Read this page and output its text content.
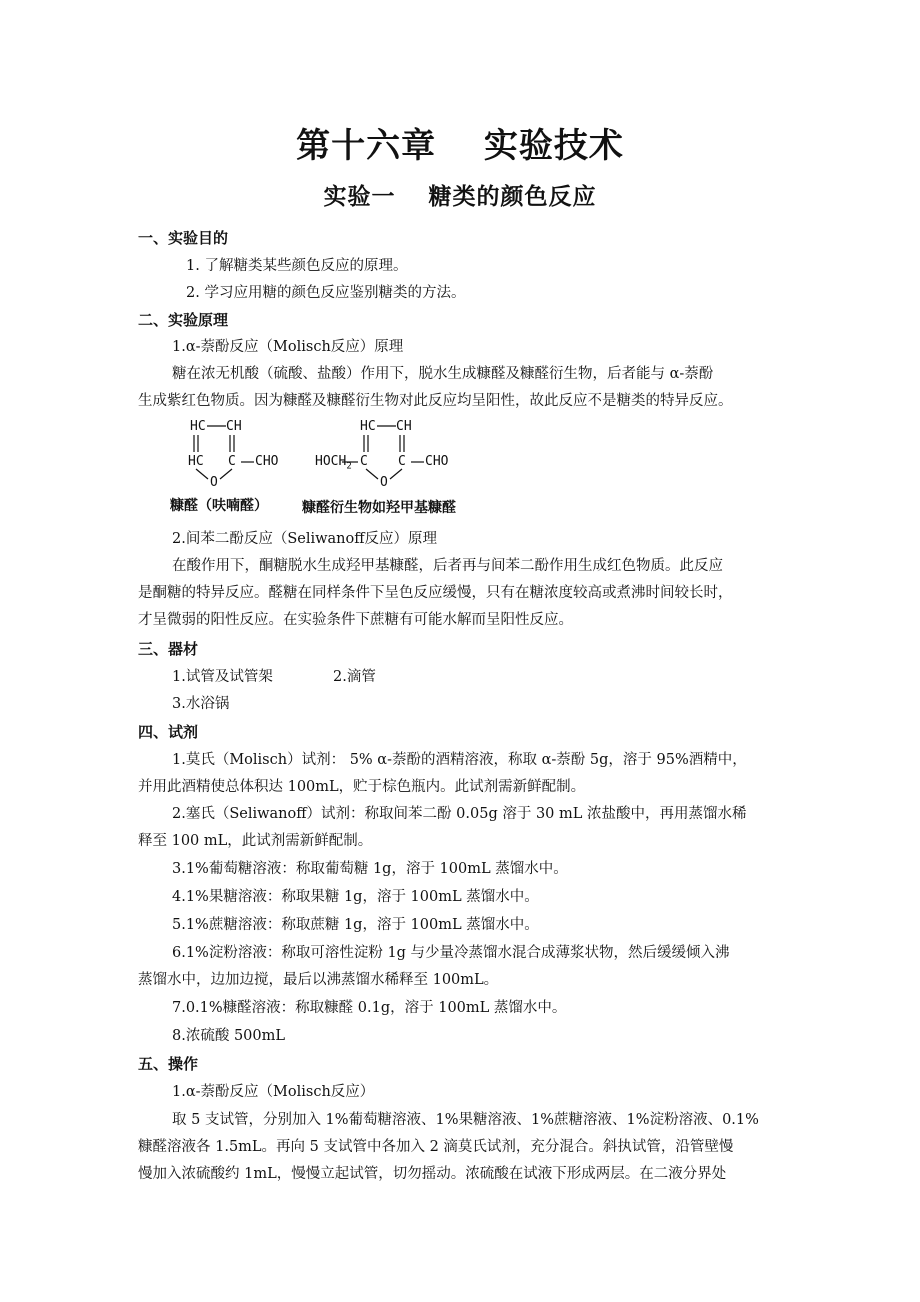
第十六章　 实验技术
实验一　 糖类的颜色反应
一、实验目的
1. 了解糖类某些颜色反应的原理。
2. 学习应用糖的颜色反应鉴别糖类的方法。
二、实验原理
1.α-萘酚反应（Molisch反应）原理
糖在浓无机酸（硫酸、盐酸）作用下，脱水生成糠醛及糠醛衍生物，后者能与 α-萘酚
生成紫红色物质。因为糠醛及糠醛衍生物对此反应均呈阳性，故此反应不是糖类的特异反应。
HC CH
HC C CHO
O
糠醛（呋喃醛）
HC CH
$HOCH_2$ C C CHO
O
糠醛衍生物如羟甲基糠醛
2.间苯二酚反应（Seliwanoff反应）原理
在酸作用下，酮糖脱水生成羟甲基糠醛，后者再与间苯二酚作用生成红色物质。此反应
是酮糖的特异反应。醛糖在同样条件下呈色反应缓慢，只有在糖浓度较高或煮沸时间较长时，
才呈微弱的阳性反应。在实验条件下蔗糖有可能水解而呈阳性反应。
三、器材
1.试管及试管架	2.滴管
3.水浴锅
四、试剂
1.莫氏（Molisch）试剂： 5% α-萘酚的酒精溶液，称取 α-萘酚 5g，溶于 95%酒精中，
并用此酒精使总体积达 100mL，贮于棕色瓶内。此试剂需新鲜配制。
2.塞氏（Seliwanoff）试剂：称取间苯二酚 0.05g 溶于 30 mL 浓盐酸中，再用蒸馏水稀
释至 100 mL，此试剂需新鲜配制。
3.1%葡萄糖溶液：称取葡萄糖 1g，溶于 100mL 蒸馏水中。
4.1%果糖溶液：称取果糖 1g，溶于 100mL 蒸馏水中。
5.1%蔗糖溶液：称取蔗糖 1g，溶于 100mL 蒸馏水中。
6.1%淀粉溶液：称取可溶性淀粉 1g 与少量冷蒸馏水混合成薄浆状物，然后缓缓倾入沸
蒸馏水中，边加边搅，最后以沸蒸馏水稀释至 100mL。
7.0.1%糠醛溶液：称取糠醛 0.1g，溶于 100mL 蒸馏水中。
8.浓硫酸 500mL
五、操作
1.α-萘酚反应（Molisch反应）
取 5 支试管，分别加入 1%葡萄糖溶液、1%果糖溶液、1%蔗糖溶液、1%淀粉溶液、0.1%
糠醛溶液各 1.5mL。再向 5 支试管中各加入 2 滴莫氏试剂，充分混合。斜执试管，沿管壁慢
慢加入浓硫酸约 1mL，慢慢立起试管，切勿摇动。浓硫酸在试液下形成两层。在二液分界处
